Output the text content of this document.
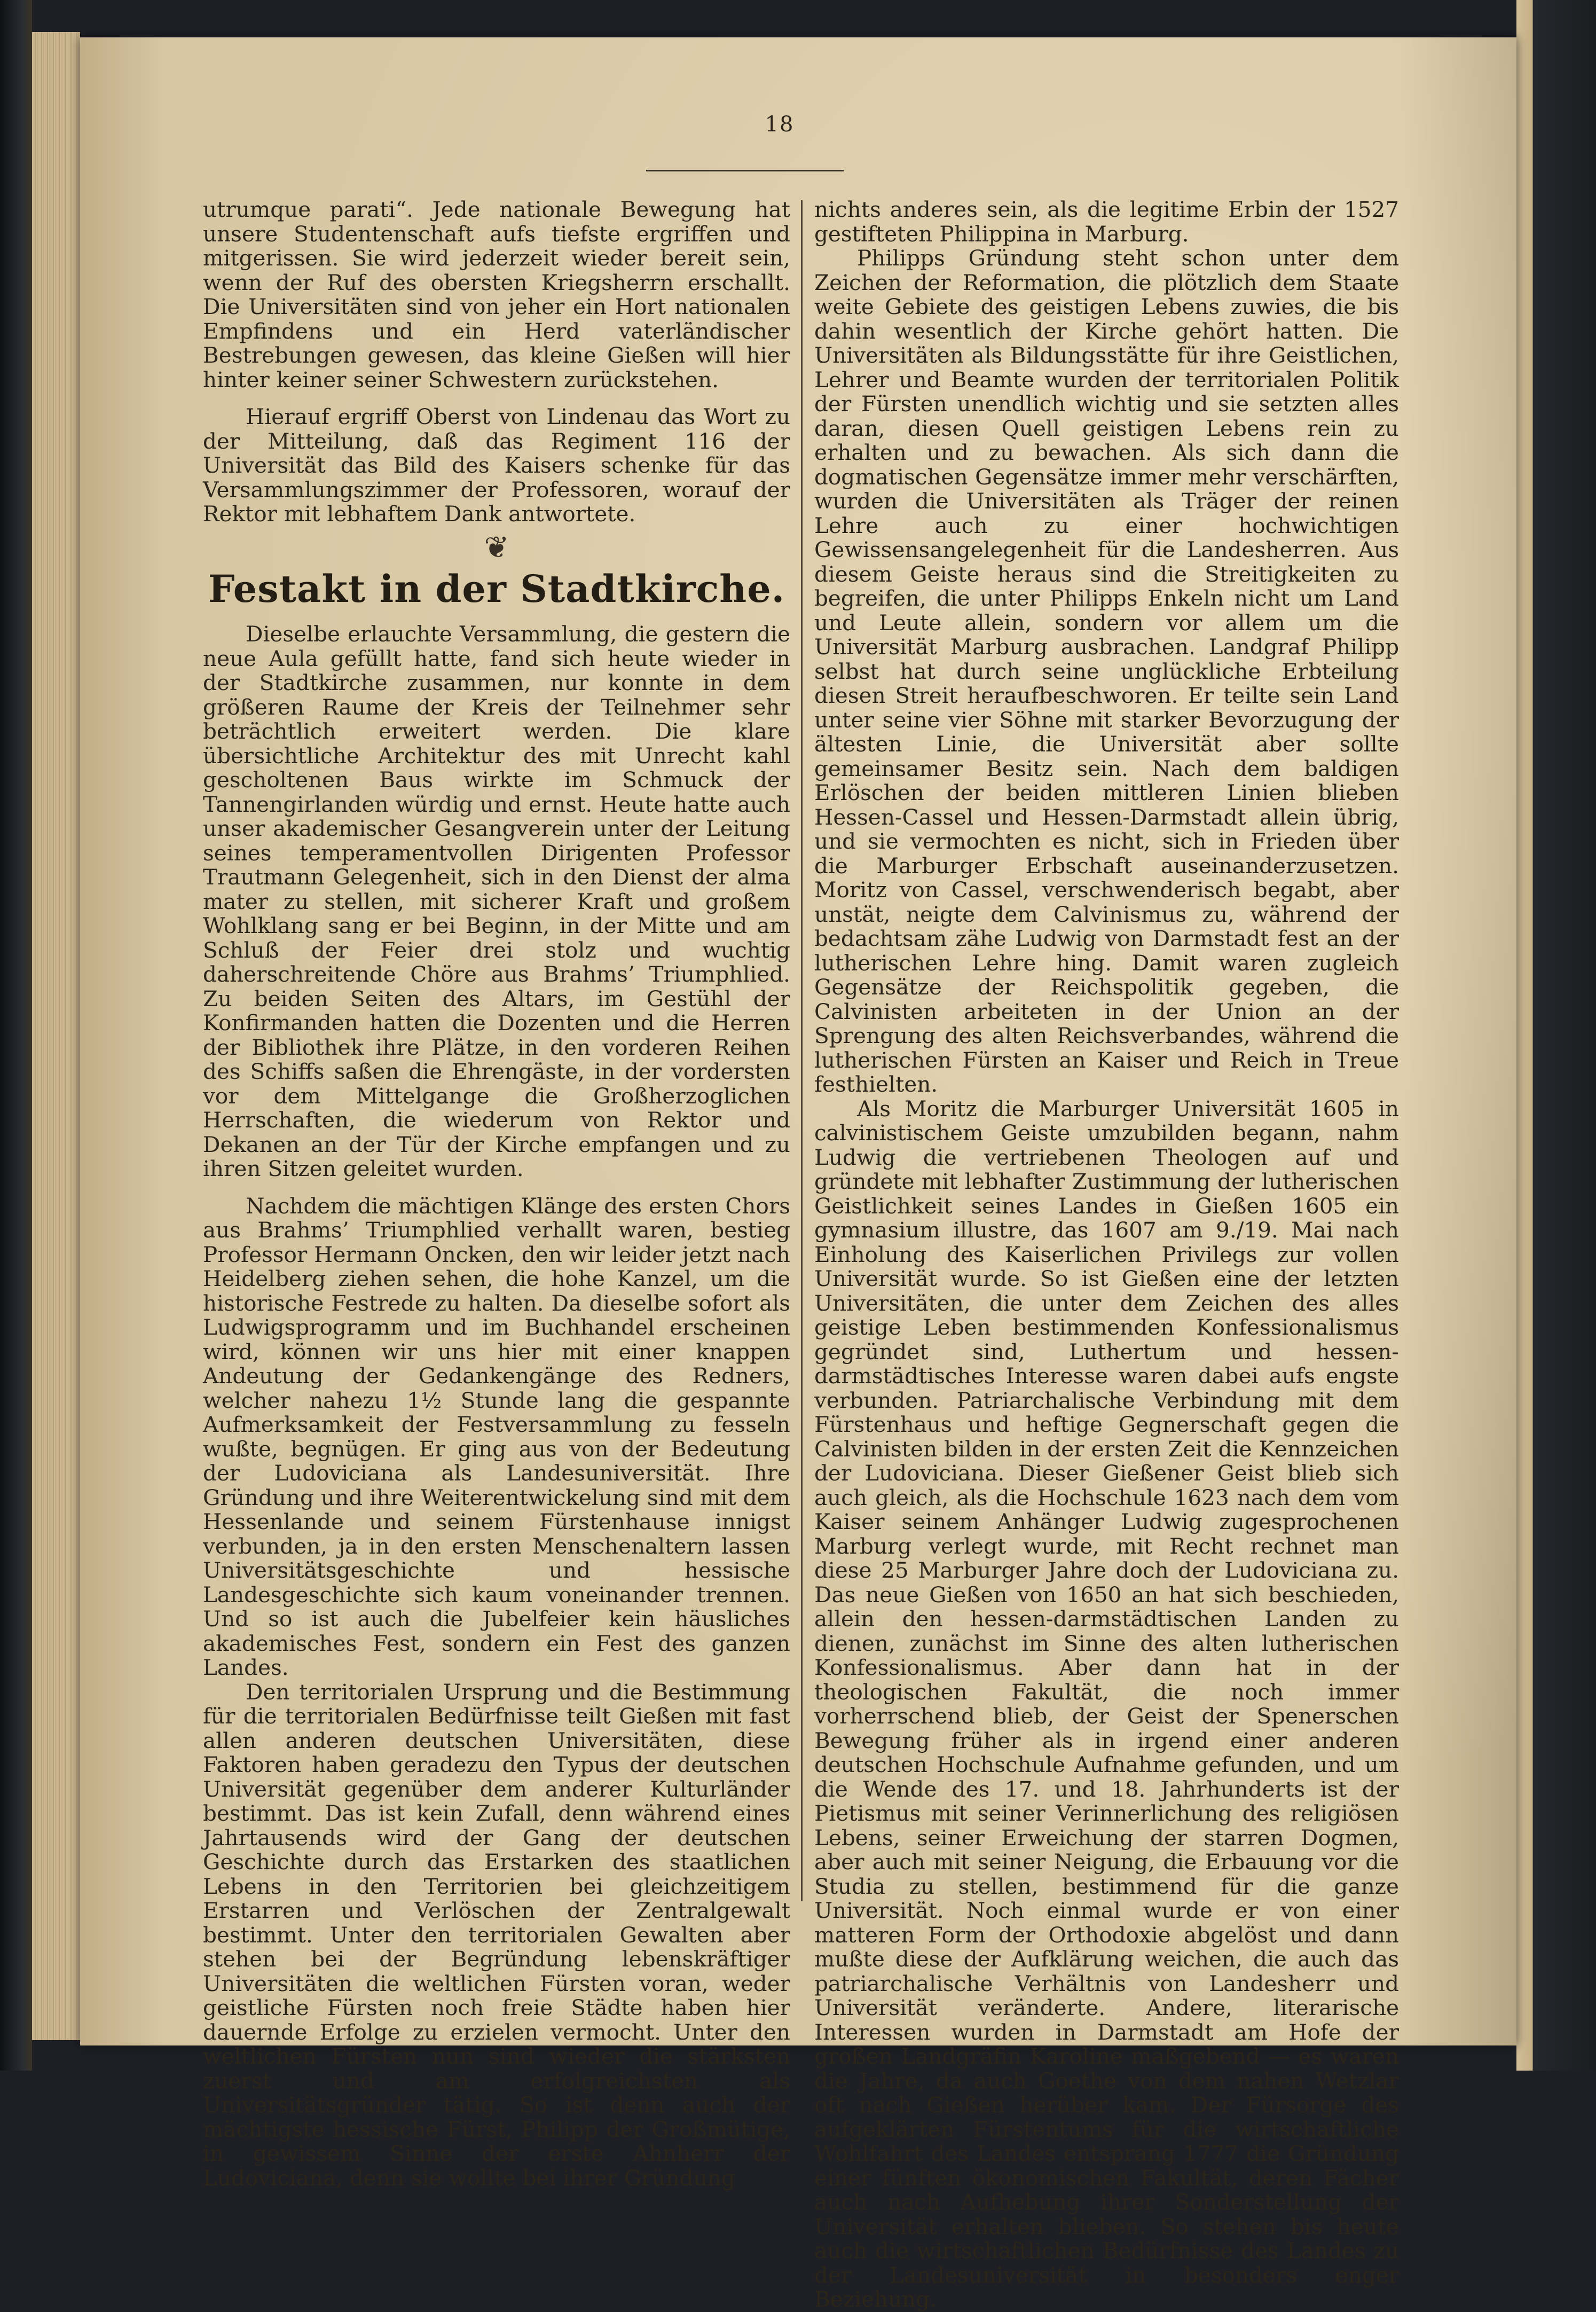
18

utrumque parati“. Jede nationale Bewegung hat unsere Studentenschaft aufs tiefste ergriffen und mitgerissen. Sie wird jederzeit wieder bereit sein, wenn der Ruf des obersten Kriegsherrn erschallt. Die Universitäten sind von jeher ein Hort nationalen Empfindens und ein Herd vaterländischer Bestrebungen gewesen, das kleine Gießen will hier hinter keiner seiner Schwestern zurückstehen.

Hierauf ergriff Oberst von Lindenau das Wort zu der Mitteilung, daß das Regiment 116 der Universität das Bild des Kaisers schenke für das Versammlungszimmer der Professoren, worauf der Rektor mit lebhaftem Dank antwortete.

❦
Festakt in der Stadtkirche.

Dieselbe erlauchte Versammlung, die gestern die neue Aula gefüllt hatte, fand sich heute wieder in der Stadtkirche zusammen, nur konnte in dem größeren Raume der Kreis der Teilnehmer sehr beträchtlich erweitert werden. Die klare übersichtliche Architektur des mit Unrecht kahl gescholtenen Baus wirkte im Schmuck der Tannengirlanden würdig und ernst. Heute hatte auch unser akademischer Gesangverein unter der Leitung seines temperamentvollen Dirigenten Professor Trautmann Gelegenheit, sich in den Dienst der alma mater zu stellen, mit sicherer Kraft und großem Wohlklang sang er bei Beginn, in der Mitte und am Schluß der Feier drei stolz und wuchtig daherschreitende Chöre aus Brahms’ Triumphlied. Zu beiden Seiten des Altars, im Gestühl der Konfirmanden hatten die Dozenten und die Herren der Bibliothek ihre Plätze, in den vorderen Reihen des Schiffs saßen die Ehrengäste, in der vordersten vor dem Mittelgange die Großherzoglichen Herrschaften, die wiederum von Rektor und Dekanen an der Tür der Kirche empfangen und zu ihren Sitzen geleitet wurden.

Nachdem die mächtigen Klänge des ersten Chors aus Brahms’ Triumphlied verhallt waren, bestieg Professor Hermann Oncken, den wir leider jetzt nach Heidelberg ziehen sehen, die hohe Kanzel, um die historische Festrede zu halten. Da dieselbe sofort als Ludwigsprogramm und im Buchhandel erscheinen wird, können wir uns hier mit einer knappen Andeutung der Gedankengänge des Redners, welcher nahezu 1½ Stunde lang die gespannte Aufmerksamkeit der Festversammlung zu fesseln wußte, begnügen. Er ging aus von der Bedeutung der Ludoviciana als Landesuniversität. Ihre Gründung und ihre Weiterentwickelung sind mit dem Hessenlande und seinem Fürstenhause innigst verbunden, ja in den ersten Menschenaltern lassen Universitätsgeschichte und hessische Landesgeschichte sich kaum voneinander trennen. Und so ist auch die Jubelfeier kein häusliches akademisches Fest, sondern ein Fest des ganzen Landes.

Den territorialen Ursprung und die Bestimmung für die territorialen Bedürfnisse teilt Gießen mit fast allen anderen deutschen Universitäten, diese Faktoren haben geradezu den Typus der deutschen Universität gegenüber dem anderer Kulturländer bestimmt. Das ist kein Zufall, denn während eines Jahrtausends wird der Gang der deutschen Geschichte durch das Erstarken des staatlichen Lebens in den Territorien bei gleichzeitigem Erstarren und Verlöschen der Zentralgewalt bestimmt. Unter den territorialen Gewalten aber stehen bei der Begründung lebenskräftiger Universitäten die weltlichen Fürsten voran, weder geistliche Fürsten noch freie Städte haben hier dauernde Erfolge zu erzielen vermocht. Unter den weltlichen Fürsten nun sind wieder die stärksten zuerst und am erfolgreichsten als Universitätsgründer tätig. So ist denn auch der mächtigste hessische Fürst, Philipp der Großmütige, in gewissem Sinne der erste Ahnherr der Ludoviciana, denn sie wollte bei ihrer Gründung

nichts anderes sein, als die legitime Erbin der 1527 gestifteten Philippina in Marburg.

Philipps Gründung steht schon unter dem Zeichen der Reformation, die plötzlich dem Staate weite Gebiete des geistigen Lebens zuwies, die bis dahin wesentlich der Kirche gehört hatten. Die Universitäten als Bildungsstätte für ihre Geistlichen, Lehrer und Beamte wurden der territorialen Politik der Fürsten unendlich wichtig und sie setzten alles daran, diesen Quell geistigen Lebens rein zu erhalten und zu bewachen. Als sich dann die dogmatischen Gegensätze immer mehr verschärften, wurden die Universitäten als Träger der reinen Lehre auch zu einer hochwichtigen Gewissensangelegenheit für die Landesherren. Aus diesem Geiste heraus sind die Streitigkeiten zu begreifen, die unter Philipps Enkeln nicht um Land und Leute allein, sondern vor allem um die Universität Marburg ausbrachen. Landgraf Philipp selbst hat durch seine unglückliche Erbteilung diesen Streit heraufbeschworen. Er teilte sein Land unter seine vier Söhne mit starker Bevorzugung der ältesten Linie, die Universität aber sollte gemeinsamer Besitz sein. Nach dem baldigen Erlöschen der beiden mittleren Linien blieben Hessen-Cassel und Hessen-Darmstadt allein übrig, und sie vermochten es nicht, sich in Frieden über die Marburger Erbschaft auseinanderzusetzen. Moritz von Cassel, verschwenderisch begabt, aber unstät, neigte dem Calvinismus zu, während der bedachtsam zähe Ludwig von Darmstadt fest an der lutherischen Lehre hing. Damit waren zugleich Gegensätze der Reichspolitik gegeben, die Calvinisten arbeiteten in der Union an der Sprengung des alten Reichsverbandes, während die lutherischen Fürsten an Kaiser und Reich in Treue festhielten.

Als Moritz die Marburger Universität 1605 in calvinistischem Geiste umzubilden begann, nahm Ludwig die vertriebenen Theologen auf und gründete mit lebhafter Zustimmung der lutherischen Geistlichkeit seines Landes in Gießen 1605 ein gymnasium illustre, das 1607 am 9./19. Mai nach Einholung des Kaiserlichen Privilegs zur vollen Universität wurde. So ist Gießen eine der letzten Universitäten, die unter dem Zeichen des alles geistige Leben bestimmenden Konfessionalismus gegründet sind, Luthertum und hessen-darmstädtisches Interesse waren dabei aufs engste verbunden. Patriarchalische Verbindung mit dem Fürstenhaus und heftige Gegnerschaft gegen die Calvinisten bilden in der ersten Zeit die Kennzeichen der Ludoviciana. Dieser Gießener Geist blieb sich auch gleich, als die Hochschule 1623 nach dem vom Kaiser seinem Anhänger Ludwig zugesprochenen Marburg verlegt wurde, mit Recht rechnet man diese 25 Marburger Jahre doch der Ludoviciana zu. Das neue Gießen von 1650 an hat sich beschieden, allein den hessen-darmstädtischen Landen zu dienen, zunächst im Sinne des alten lutherischen Konfessionalismus. Aber dann hat in der theologischen Fakultät, die noch immer vorherrschend blieb, der Geist der Spenerschen Bewegung früher als in irgend einer anderen deutschen Hochschule Aufnahme gefunden, und um die Wende des 17. und 18. Jahrhunderts ist der Pietismus mit seiner Verinnerlichung des religiösen Lebens, seiner Erweichung der starren Dogmen, aber auch mit seiner Neigung, die Erbauung vor die Studia zu stellen, bestimmend für die ganze Universität. Noch einmal wurde er von einer matteren Form der Orthodoxie abgelöst und dann mußte diese der Aufklärung weichen, die auch das patriarchalische Verhältnis von Landesherr und Universität veränderte. Andere, literarische Interessen wurden in Darmstadt am Hofe der großen Landgräfin Karoline maßgebend — es waren die Jahre, da auch Goethe von dem nahen Wetzlar oft nach Gießen herüber kam. Der Fürsorge des aufgeklärten Fürstentums für die wirtschaftliche Wohlfahrt des Landes entsprang 1777 die Gründung einer fünften ökonomischen Fakultät, deren Fächer auch nach Aufhebung ihrer Sonderstellung der Universität erhalten blieben. So stehen bis heute auch die wirtschaftlichen Bedürfnisse des Landes zu der Landesuniversität in besonders enger Beziehung.
